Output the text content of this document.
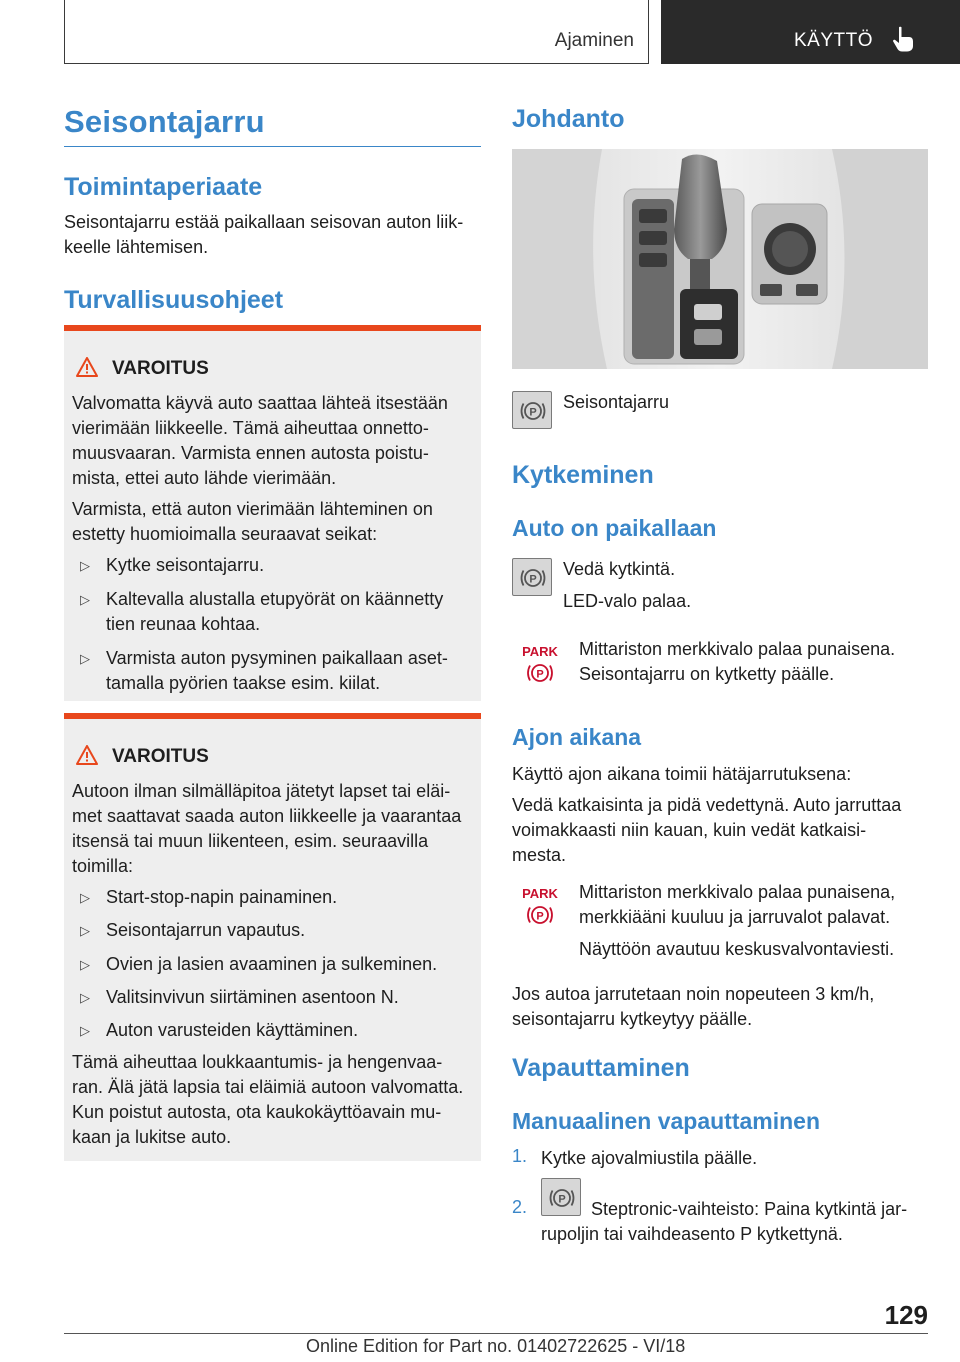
Ajaminen	KÄYTTÖ
Seisontajarru
Toimintaperiaate
Seisontajarru estää paikallaan seisovan auton liik-
keelle lähtemisen.
Turvallisuusohjeet
VAROITUS
Valvomatta käyvä auto saattaa lähteä itsestään
vierimään liikkeelle. Tämä aiheuttaa onnetto-
muusvaaran. Varmista ennen autosta poistu-
mista, ettei auto lähde vierimään.
Varmista, että auton vierimään lähteminen on
estetty huomioimalla seuraavat seikat:
▷ Kytke seisontajarru.
▷ Kaltevalla alustalla etupyörät on käännetty
tien reunaa kohtaa.
▷ Varmista auton pysyminen paikallaan aset-
tamalla pyörien taakse esim. kiilat.
VAROITUS
Autoon ilman silmälläpitoa jätetyt lapset tai eläi-
met saattavat saada auton liikkeelle ja vaarantaa
itsensä tai muun liikenteen, esim. seuraavilla
toimilla:
▷ Start-stop-napin painaminen.
▷ Seisontajarrun vapautus.
▷ Ovien ja lasien avaaminen ja sulkeminen.
▷ Valitsinvivun siirtäminen asentoon N.
▷ Auton varusteiden käyttäminen.
Tämä aiheuttaa loukkaantumis- ja hengenvaa-
ran. Älä jätä lapsia tai eläimiä autoon valvomatta.
Kun poistut autosta, ota kaukokäyttöavain mu-
kaan ja lukitse auto.
Johdanto
P
Seisontajarru
Kytkeminen
Auto on paikallaan
P
Vedä kytkintä.
LED-valo palaa.
PARK
P
Mittariston merkkivalo palaa punaisena.
Seisontajarru on kytketty päälle.
Ajon aikana
Käyttö ajon aikana toimii hätäjarrutuksena:
Vedä katkaisinta ja pidä vedettynä. Auto jarruttaa
voimakkaasti niin kauan, kuin vedät katkaisi-
mesta.
PARK
P
Mittariston merkkivalo palaa punaisena,
merkkiääni kuuluu ja jarruvalot palavat.
Näyttöön avautuu keskusvalvontaviesti.
Jos autoa jarrutetaan noin nopeuteen 3 km/h,
seisontajarru kytkeytyy päälle.
Vapauttaminen
Manuaalinen vapauttaminen
1. Kytke ajovalmiustila päälle.
2.	P Steptronic-vaihteisto: Paina kytkintä jar-
rupoljin tai vaihdeasento P kytkettynä.
129
Online Edition for Part no. 01402722625 - VI/18
